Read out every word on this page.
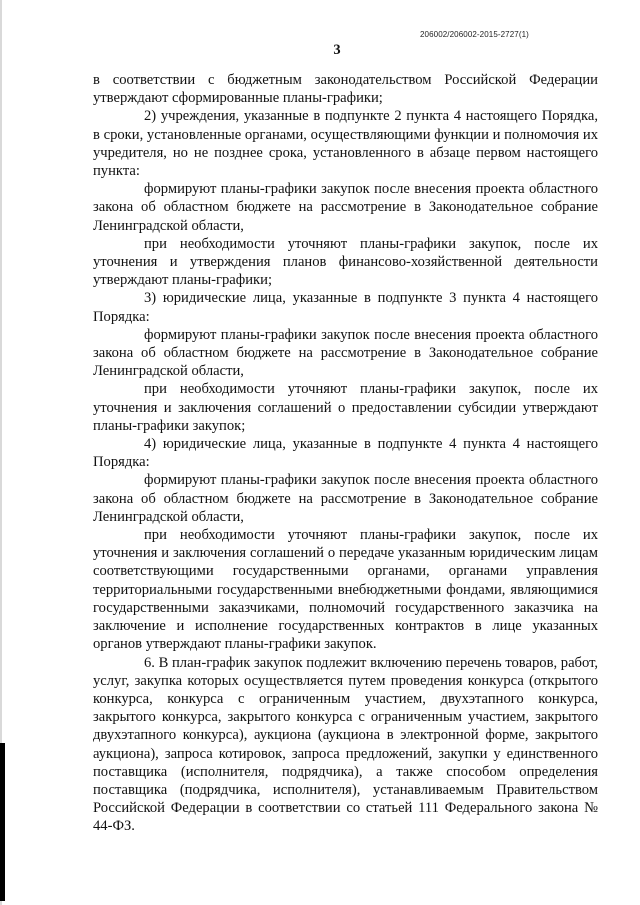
206002/206002-2015-2727(1)
3

в соответствии с бюджетным законодательством Российской Федерации утверждают сформированные планы-графики;

2) учреждения, указанные в подпункте 2 пункта 4 настоящего Порядка, в сроки, установленные органами, осуществляющими функции и полномочия их учредителя, но не позднее срока, установленного в абзаце первом настоящего пункта:

формируют планы-графики закупок после внесения проекта областного закона об областном бюджете на рассмотрение в Законодательное собрание Ленинградской области,

при необходимости уточняют планы-графики закупок, после их уточнения и утверждения планов финансово-хозяйственной деятельности утверждают планы-графики;

3) юридические лица, указанные в подпункте 3 пункта 4 настоящего Порядка:

формируют планы-графики закупок после внесения проекта областного закона об областном бюджете на рассмотрение в Законодательное собрание Ленинградской области,

при необходимости уточняют планы-графики закупок, после их уточнения и заключения соглашений о предоставлении субсидии утверждают планы-графики закупок;

4) юридические лица, указанные в подпункте 4 пункта 4 настоящего Порядка:

формируют планы-графики закупок после внесения проекта областного закона об областном бюджете на рассмотрение в Законодательное собрание Ленинградской области,

при необходимости уточняют планы-графики закупок, после их уточнения и заключения соглашений о передаче указанным юридическим лицам соответствующими государственными органами, органами управления территориальными государственными внебюджетными фондами, являющимися государственными заказчиками, полномочий государственного заказчика на заключение и исполнение государственных контрактов в лице указанных органов утверждают планы-графики закупок.

6. В план-график закупок подлежит включению перечень товаров, работ, услуг, закупка которых осуществляется путем проведения конкурса (открытого конкурса, конкурса с ограниченным участием, двухэтапного конкурса, закрытого конкурса, закрытого конкурса с ограниченным участием, закрытого двухэтапного конкурса), аукциона (аукциона в электронной форме, закрытого аукциона), запроса котировок, запроса предложений, закупки у единственного поставщика (исполнителя, подрядчика), а также способом определения поставщика (подрядчика, исполнителя), устанавливаемым Правительством Российской Федерации в соответствии со статьей 111 Федерального закона № 44-ФЗ.
